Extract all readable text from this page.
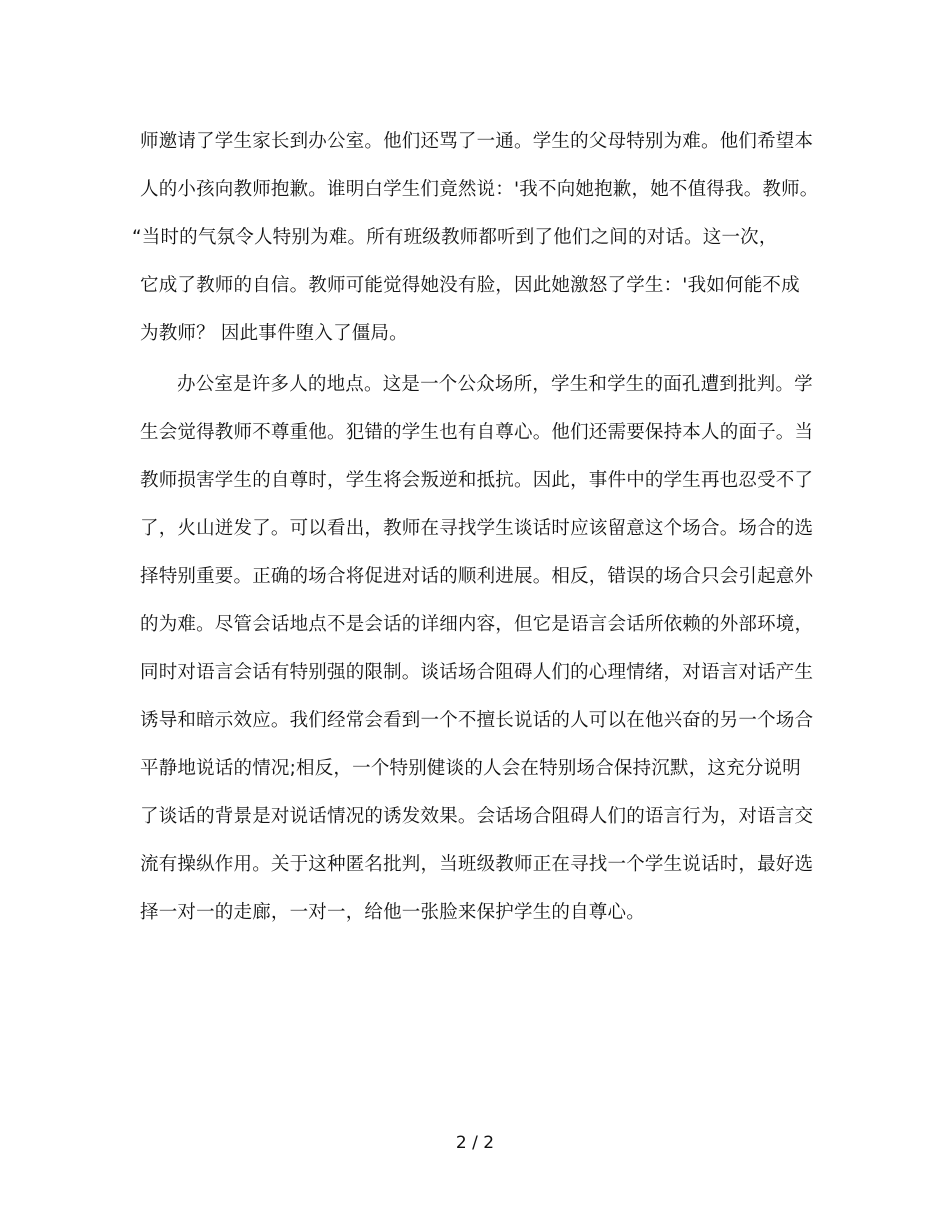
师邀请了学生家长到办公室。他们还骂了一通。学生的父母特别为难。他们希望本
人的小孩向教师抱歉。谁明白学生们竟然说：'我不向她抱歉，她不值得我。教师。
“当时的气氛令人特别为难。所有班级教师都听到了他们之间的对话。这一次，
它成了教师的自信。教师可能觉得她没有脸，因此她激怒了学生：'我如何能不成
为教师？ 因此事件堕入了僵局。
办公室是许多人的地点。这是一个公众场所，学生和学生的面孔遭到批判。学
生会觉得教师不尊重他。犯错的学生也有自尊心。他们还需要保持本人的面子。当
教师损害学生的自尊时，学生将会叛逆和抵抗。因此，事件中的学生再也忍受不了
了，火山迸发了。可以看出，教师在寻找学生谈话时应该留意这个场合。场合的选
择特别重要。正确的场合将促进对话的顺利进展。相反，错误的场合只会引起意外
的为难。尽管会话地点不是会话的详细内容，但它是语言会话所依赖的外部环境，
同时对语言会话有特别强的限制。谈话场合阻碍人们的心理情绪，对语言对话产生
诱导和暗示效应。我们经常会看到一个不擅长说话的人可以在他兴奋的另一个场合
平静地说话的情况;相反，一个特别健谈的人会在特别场合保持沉默，这充分说明
了谈话的背景是对说话情况的诱发效果。会话场合阻碍人们的语言行为，对语言交
流有操纵作用。关于这种匿名批判，当班级教师正在寻找一个学生说话时，最好选
择一对一的走廊，一对一，给他一张脸来保护学生的自尊心。
2 / 2
